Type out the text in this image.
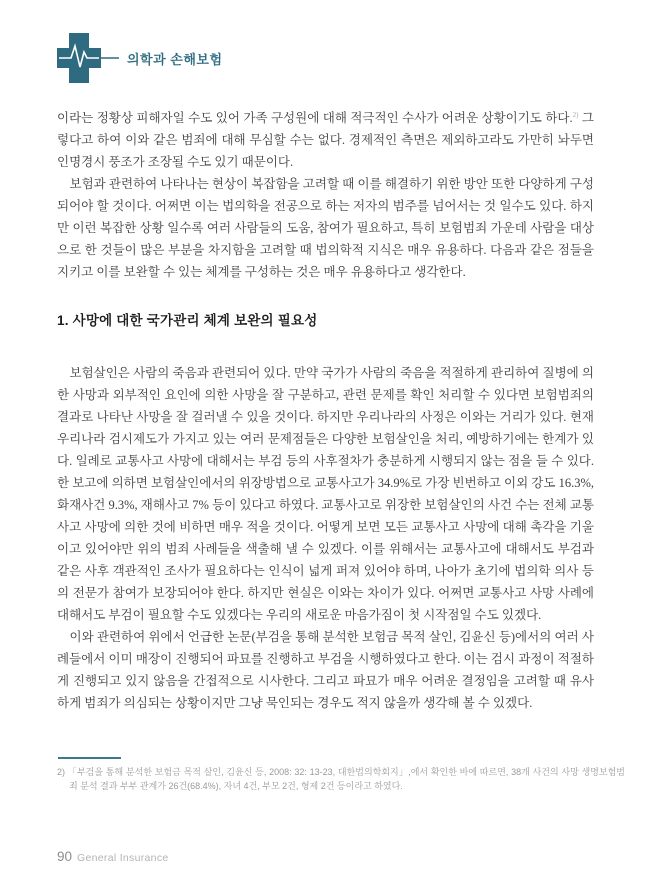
의학과 손해보험

이라는 정황상 피해자일 수도 있어 가족 구성원에 대해 적극적인 수사가 어려운 상황이기도 하다.$^{2)}$ 그렇다고 하여 이와 같은 범죄에 대해 무심할 수는 없다. 경제적인 측면은 제외하고라도 가만히 놔두면 인명경시 풍조가 조장될 수도 있기 때문이다.

보험과 관련하여 나타나는 현상이 복잡함을 고려할 때 이를 해결하기 위한 방안 또한 다양하게 구성되어야 할 것이다. 어쩌면 이는 법의학을 전공으로 하는 저자의 범주를 넘어서는 것 일수도 있다. 하지만 이런 복잡한 상황 일수록 여러 사람들의 도움, 참여가 필요하고, 특히 보험범죄 가운데 사람을 대상으로 한 것들이 많은 부분을 차지함을 고려할 때 법의학적 지식은 매우 유용하다. 다음과 같은 점들을 지키고 이를 보완할 수 있는 체계를 구성하는 것은 매우 유용하다고 생각한다.

1. 사망에 대한 국가관리 체계 보완의 필요성

보험살인은 사람의 죽음과 관련되어 있다. 만약 국가가 사람의 죽음을 적절하게 관리하여 질병에 의한 사망과 외부적인 요인에 의한 사망을 잘 구분하고, 관련 문제를 확인 처리할 수 있다면 보험범죄의 결과로 나타난 사망을 잘 걸러낼 수 있을 것이다. 하지만 우리나라의 사정은 이와는 거리가 있다. 현재 우리나라 검시제도가 가지고 있는 여러 문제점들은 다양한 보험살인을 처리, 예방하기에는 한계가 있다. 일례로 교통사고 사망에 대해서는 부검 등의 사후절차가 충분하게 시행되지 않는 점을 들 수 있다. 한 보고에 의하면 보험살인에서의 위장방법으로 교통사고가 34.9%로 가장 빈번하고 이외 강도 16.3%, 화재사건 9.3%, 재해사고 7% 등이 있다고 하였다. 교통사고로 위장한 보험살인의 사건 수는 전체 교통사고 사망에 의한 것에 비하면 매우 적을 것이다. 어떻게 보면 모든 교통사고 사망에 대해 촉각을 기울이고 있어야만 위의 범죄 사례들을 색출해 낼 수 있겠다. 이를 위해서는 교통사고에 대해서도 부검과 같은 사후 객관적인 조사가 필요하다는 인식이 넓게 퍼져 있어야 하며, 나아가 초기에 법의학 의사 등의 전문가 참여가 보장되어야 한다. 하지만 현실은 이와는 차이가 있다. 어쩌면 교통사고 사망 사례에 대해서도 부검이 필요할 수도 있겠다는 우리의 새로운 마음가짐이 첫 시작점일 수도 있겠다.

이와 관련하여 위에서 언급한 논문(부검을 통해 분석한 보험금 목적 살인, 김윤신 등)에서의 여러 사례들에서 이미 매장이 진행되어 파묘를 진행하고 부검을 시행하였다고 한다. 이는 검시 과정이 적절하게 진행되고 있지 않음을 간접적으로 시사한다. 그리고 파묘가 매우 어려운 결정임을 고려할 때 유사하게 범죄가 의심되는 상황이지만 그냥 묵인되는 경우도 적지 않을까 생각해 볼 수 있겠다.

2) 「부검을 통해 분석한 보험금 목적 살인, 김윤신 등, 2008: 32: 13-23, 대한법의학회지」,에서 확인한 바에 따르면, 38개 사건의 사망 생명보험범죄 분석 결과 부부 관계가 26건(68.4%), 자녀 4건, 부모 2건, 형제 2건 등이라고 하였다.
90 General Insurance
